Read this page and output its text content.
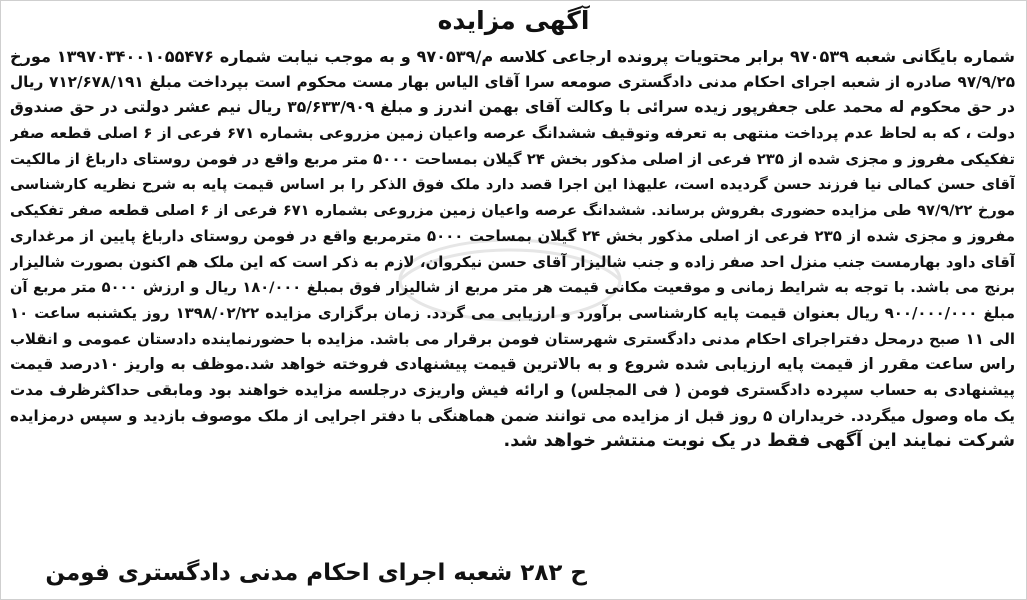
آگهی مزایده
شماره بایگانی شعبه ۹۷۰۵۳۹ برابر محتویات پرونده ارجاعی کلاسه م/۹۷۰۵۳۹ و به موجب نیابت شماره ۱۳۹۷۰۳۴۰۰۱۰۵۵۴۷۶ مورخ
۹۷/۹/۲۵ صادره از شعبه اجرای احکام مدنی دادگستری صومعه سرا آقای الیاس بهار مست محکوم است بپرداخت مبلغ ۷۱۲/۶۷۸/۱۹۱ ریال
در حق محکوم له محمد علی جعفرپور زیده سرائی با وکالت آقای بهمن اندرز و مبلغ ۳۵/۶۳۳/۹۰۹ ریال نیم عشر دولتی در حق صندوق
دولت ، که به لحاظ عدم پرداخت منتهی به تعرفه وتوقیف ششدانگ عرصه واعیان زمین مزروعی بشماره ۶۷۱ فرعی از ۶ اصلی قطعه صفر
تفکیکی مفروز و مجزی شده از ۲۳۵ فرعی از اصلی مذکور بخش ۲۴ گیلان بمساحت ۵۰۰۰ متر مربع واقع در فومن روستای دارباغ از مالکیت
آقای حسن کمالی نیا فرزند حسن گردیده است، علیهذا این اجرا قصد دارد ملک فوق الذکر را بر اساس قیمت پایه به شرح نظریه کارشناسی
مورخ ۹۷/۹/۲۲ طی مزایده حضوری بفروش برساند. ششدانگ عرصه واعیان زمین مزروعی بشماره ۶۷۱ فرعی از ۶ اصلی قطعه صفر تفکیکی
مفروز و مجزی شده از ۲۳۵ فرعی از اصلی مذکور بخش ۲۴ گیلان بمساحت ۵۰۰۰ مترمربع واقع در فومن روستای دارباغ پایین از مرغداری
آقای داود بهارمست جنب منزل احد صفر زاده و جنب شالیزار آقای حسن نیکروان، لازم به ذکر است که این ملک هم اکنون بصورت شالیزار
برنج می باشد. با توجه به شرایط زمانی و موقعیت مکانی قیمت هر متر مربع از شالیزار فوق بمبلغ ۱۸۰/۰۰۰ ریال و ارزش ۵۰۰۰ متر مربع آن
مبلغ ۹۰۰/۰۰۰/۰۰۰ ریال بعنوان قیمت پایه کارشناسی برآورد و ارزیابی می گردد. زمان برگزاری مزایده ۱۳۹۸/۰۲/۲۲ روز یکشنبه ساعت ۱۰
الی ۱۱ صبح درمحل دفتراجرای احکام مدنی دادگستری شهرستان فومن برقرار می باشد. مزایده با حضورنماینده دادستان عمومی و انقلاب
راس ساعت مقرر از قیمت پایه ارزیابی شده شروع و به بالاترین قیمت پیشنهادی فروخته خواهد شد.موظف به واریز ۱۰درصد قیمت
پیشنهادی به حساب سپرده دادگستری فومن ( فی المجلس) و ارائه فیش واریزی درجلسه مزایده خواهند بود ومابقی حداکثرظرف مدت
یک ماه وصول میگردد. خریداران ۵ روز قبل از مزایده می توانند ضمن هماهنگی با دفتر اجرایی از ملک موصوف بازدید و سپس درمزایده
شرکت نمایند این آگهی فقط در یک نوبت منتشر خواهد شد.
ح ۲۸۲ شعبه اجرای احکام مدنی دادگستری فومن
